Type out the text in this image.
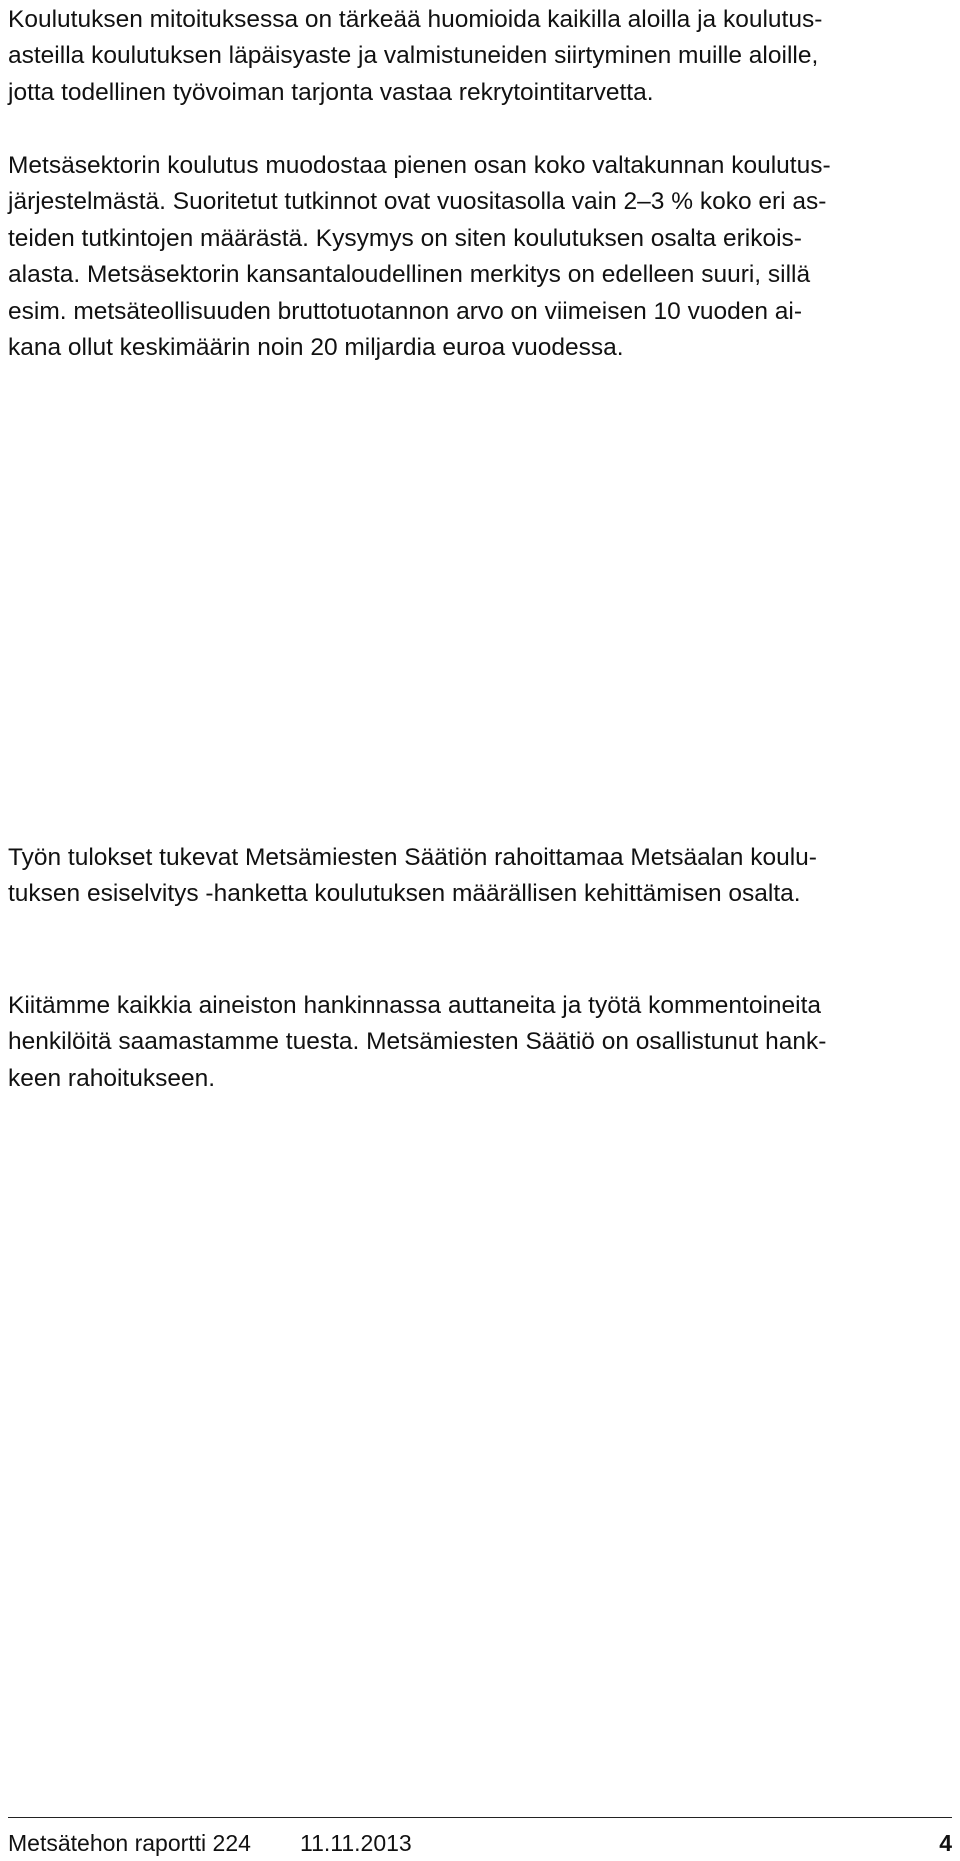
Koulutuksen mitoituksessa on tärkeää huomioida kaikilla aloilla ja koulutus-
asteilla koulutuksen läpäisyaste ja valmistuneiden siirtyminen muille aloille,
jotta todellinen työvoiman tarjonta vastaa rekrytointitarvetta.

Metsäsektorin koulutus muodostaa pienen osan koko valtakunnan koulutus-
järjestelmästä. Suoritetut tutkinnot ovat vuositasolla vain 2–3 % koko eri as-
teiden tutkintojen määrästä. Kysymys on siten koulutuksen osalta erikois-
alasta. Metsäsektorin kansantaloudellinen merkitys on edelleen suuri, sillä
esim. metsäteollisuuden bruttotuotannon arvo on viimeisen 10 vuoden ai-
kana ollut keskimäärin noin 20 miljardia euroa vuodessa.

Työn tulokset tukevat Metsämiesten Säätiön rahoittamaa Metsäalan koulu-
tuksen esiselvitys -hanketta koulutuksen määrällisen kehittämisen osalta.

Kiitämme kaikkia aineiston hankinnassa auttaneita ja työtä kommentoineita
henkilöitä saamastamme tuesta. Metsämiesten Säätiö on osallistunut hank-
keen rahoitukseen.

Metsätehon raportti 224 11.11.2013	4
